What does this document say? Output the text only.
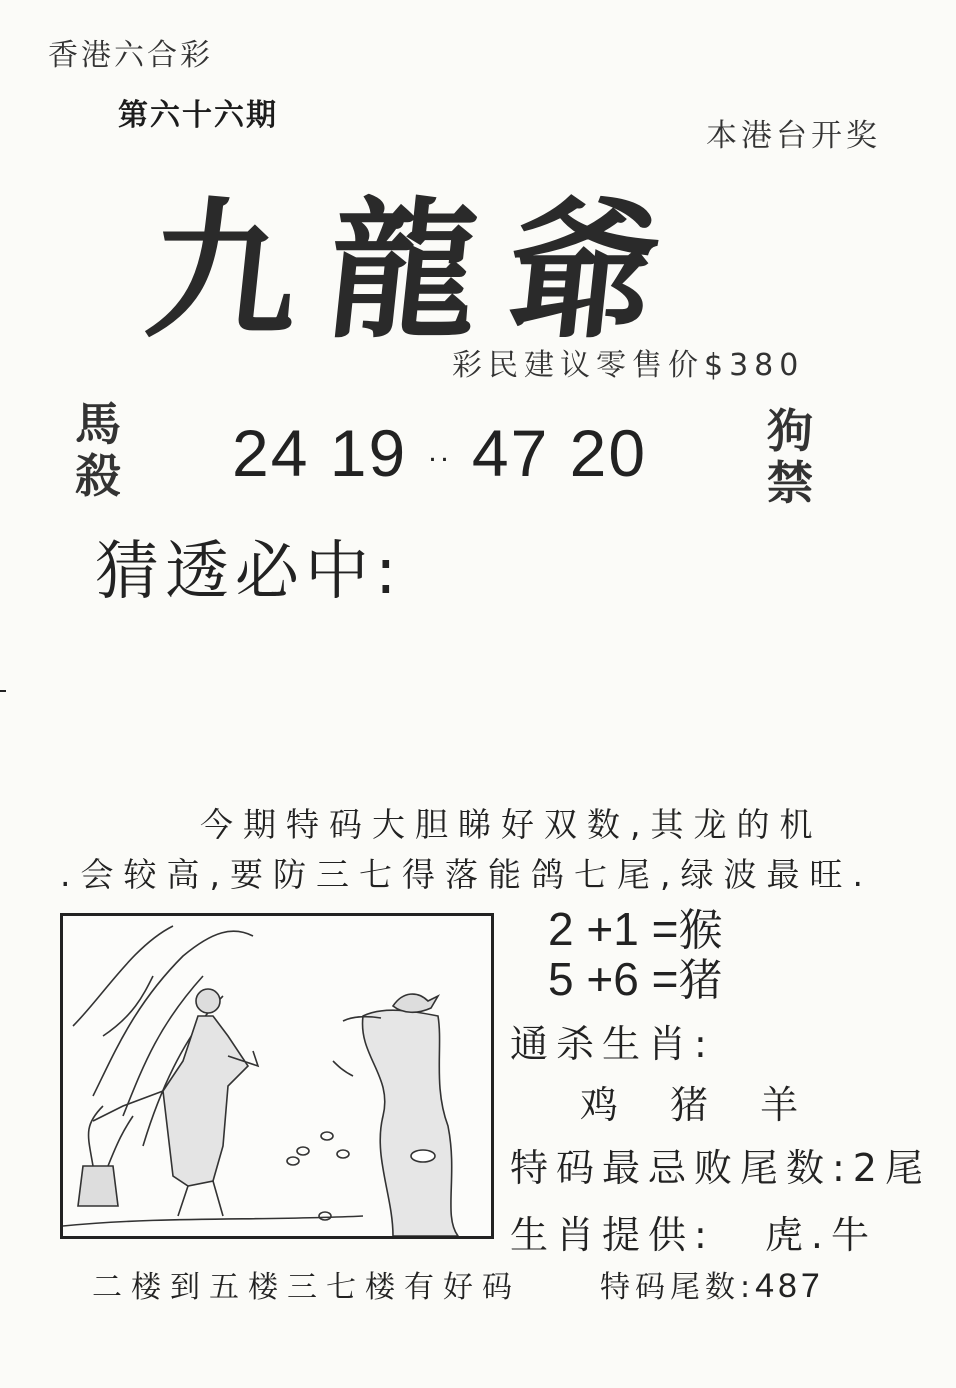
香港六合彩
第六十六期
本港台开奖
九龍爺
彩民建议零售价$380
馬殺 24 19 ·· 47 20	狗禁
猜透必中:
今期特码大胆睇好双数,其龙的机
.会较高,要防三七得落能鸽七尾,绿波最旺.
2 +1 =猴
5 +6 =猪
通杀生肖:
鸡 猪 羊
特码最忌败尾数:2尾
生肖提供: 虎.牛
二楼到五楼三七楼有好码	特码尾数:487
